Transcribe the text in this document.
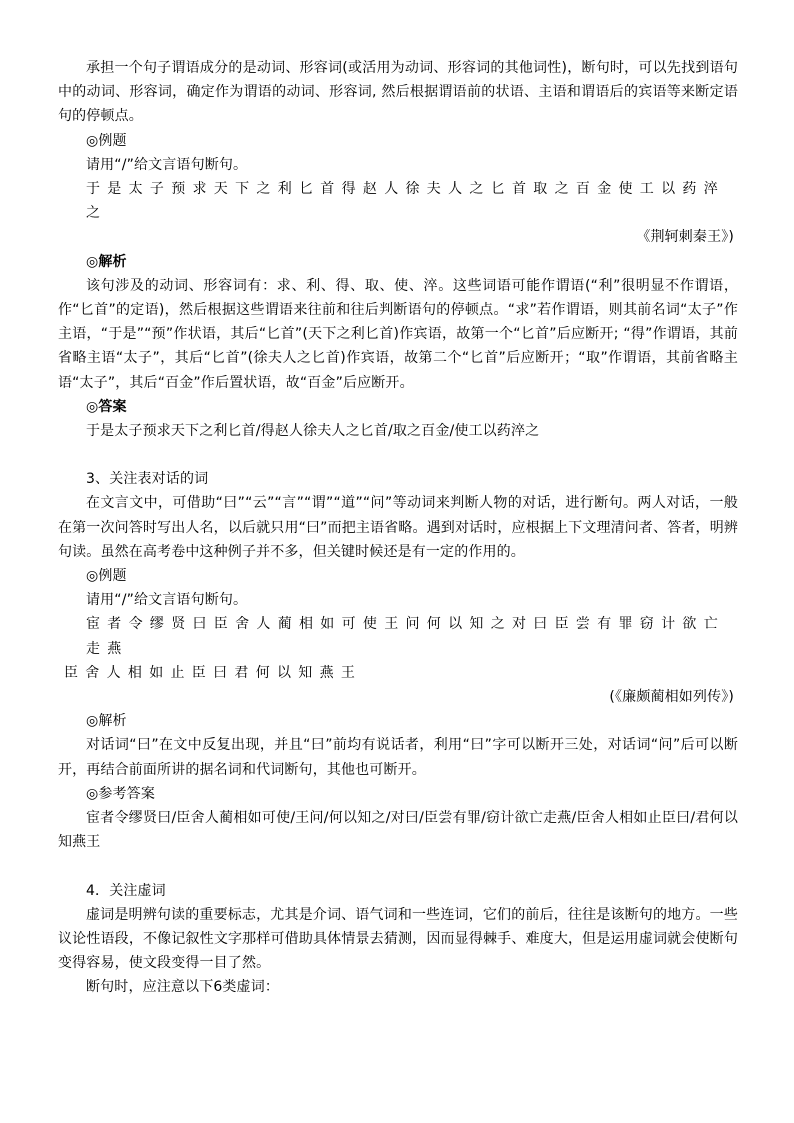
承担一个句子谓语成分的是动词、形容词(或活用为动词、形容词的其他词性)，断句时，可以先找到语句中的动词、形容词，确定作为谓语的动词、形容词, 然后根据谓语前的状语、主语和谓语后的宾语等来断定语句的停顿点。

◎例题

请用“/”给文言语句断句。

于是太子预求天下之利匕首得赵人徐夫人之匕首取之百金使工以药淬之

《荆轲刺秦王》)

◎解析

该句涉及的动词、形容词有：求、利、得、取、使、淬。这些词语可能作谓语(“利”很明显不作谓语，作“匕首”的定语)，然后根据这些谓语来往前和往后判断语句的停顿点。“求”若作谓语，则其前名词“太子”作主语，“于是”“预”作状语，其后“匕首”(天下之利匕首)作宾语，故第一个“匕首”后应断开; “得”作谓语，其前省略主语“太子”，其后“匕首”(徐夫人之匕首)作宾语，故第二个“匕首”后应断开；“取”作谓语，其前省略主语“太子”，其后“百金”作后置状语，故“百金”后应断开。

◎答案

于是太子预求天下之利匕首/得赵人徐夫人之匕首/取之百金/使工以药淬之

3、关注表对话的词

在文言文中，可借助“曰”“云”“言”“谓”“道”“问”等动词来判断人物的对话，进行断句。两人对话，一般在第一次问答时写出人名，以后就只用“曰”而把主语省略。遇到对话时，应根据上下文理清问者、答者，明辨句读。虽然在高考卷中这种例子并不多，但关键时候还是有一定的作用的。

◎例题

请用“/”给文言语句断句。

宦者令缪贤曰臣舍人蔺相如可使王问何以知之对曰臣尝有罪窃计欲亡走燕

臣舍人相如止臣曰君何以知燕王

(《廉颇蔺相如列传》)

◎解析

对话词“曰”在文中反复出现，并且“曰”前均有说话者，利用“曰”字可以断开三处，对话词“问”后可以断开，再结合前面所讲的据名词和代词断句，其他也可断开。

◎参考答案

宦者令缪贤曰/臣舍人蔺相如可使/王问/何以知之/对曰/臣尝有罪/窃计欲亡走燕/臣舍人相如止臣曰/君何以知燕王

4．关注虚词

虚词是明辨句读的重要标志，尤其是介词、语气词和一些连词，它们的前后，往往是该断句的地方。一些议论性语段，不像记叙性文字那样可借助具体情景去猜测，因而显得棘手、难度大，但是运用虚词就会使断句变得容易，使文段变得一目了然。

断句时，应注意以下6类虚词：
